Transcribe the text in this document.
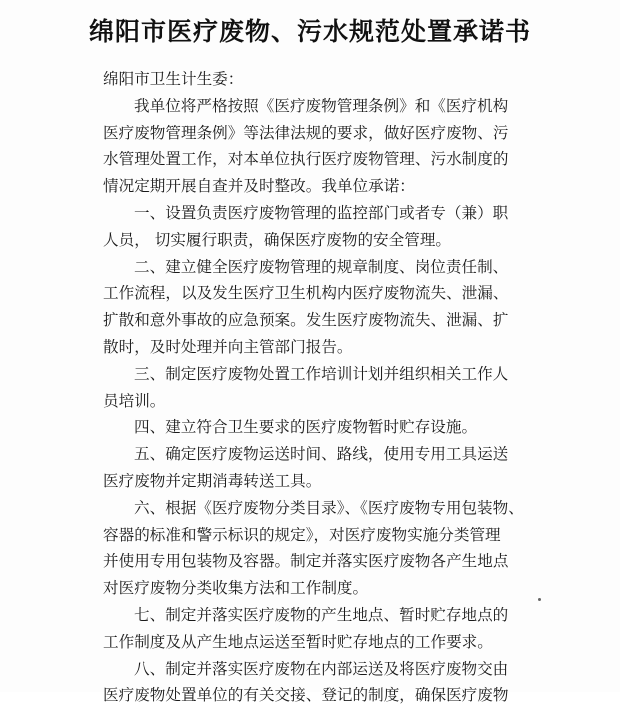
绵阳市医疗废物、污水规范处置承诺书
绵阳市卫生计生委：
我单位将严格按照《医疗废物管理条例》和《医疗机构
医疗废物管理条例》等法律法规的要求，做好医疗废物、污
水管理处置工作，对本单位执行医疗废物管理、污水制度的
情况定期开展自查并及时整改。我单位承诺：
一、设置负责医疗废物管理的监控部门或者专（兼）职
人员， 切实履行职责，确保医疗废物的安全管理。
二、建立健全医疗废物管理的规章制度、岗位责任制、
工作流程，以及发生医疗卫生机构内医疗废物流失、泄漏、
扩散和意外事故的应急预案。发生医疗废物流失、泄漏、扩
散时，及时处理并向主管部门报告。
三、制定医疗废物处置工作培训计划并组织相关工作人
员培训。
四、建立符合卫生要求的医疗废物暂时贮存设施。
五、确定医疗废物运送时间、路线，使用专用工具运送
医疗废物并定期消毒转送工具。
六、根据《医疗废物分类目录》、《医疗废物专用包装物、
容器的标准和警示标识的规定》，对医疗废物实施分类管理
并使用专用包装物及容器。制定并落实医疗废物各产生地点
对医疗废物分类收集方法和工作制度。
七、制定并落实医疗废物的产生地点、暂时贮存地点的
工作制度及从产生地点运送至暂时贮存地点的工作要求。
八、制定并落实医疗废物在内部运送及将医疗废物交由
医疗废物处置单位的有关交接、登记的制度，确保医疗废物
